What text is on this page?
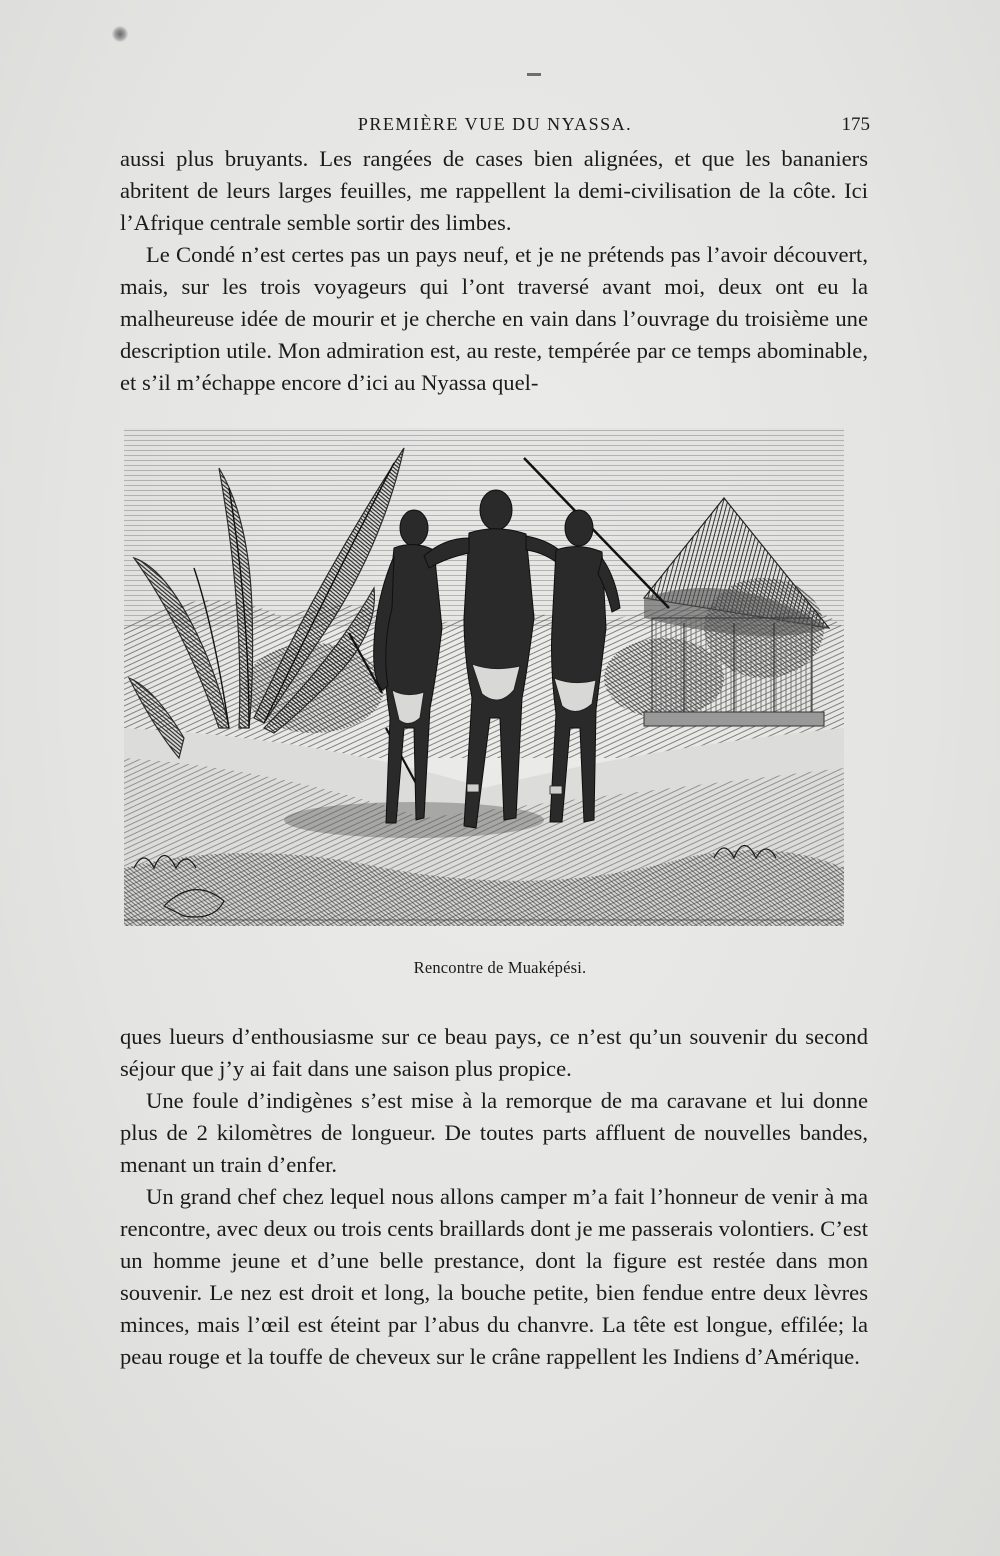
PREMIÈRE VUE DU NYASSA.	175

aussi plus bruyants. Les rangées de cases bien alignées, et que les bananiers abritent de leurs larges feuilles, me rappellent la demi-civilisation de la côte. Ici l’Afrique centrale semble sortir des limbes.

Le Condé n’est certes pas un pays neuf, et je ne prétends pas l’avoir découvert, mais, sur les trois voyageurs qui l’ont traversé avant moi, deux ont eu la malheureuse idée de mourir et je cherche en vain dans l’ouvrage du troisième une description utile. Mon admiration est, au reste, tempérée par ce temps abominable, et s’il m’échappe encore d’ici au Nyassa quel-

Rencontre de Muaképési.

ques lueurs d’enthousiasme sur ce beau pays, ce n’est qu’un souvenir du second séjour que j’y ai fait dans une saison plus propice.

Une foule d’indigènes s’est mise à la remorque de ma caravane et lui donne plus de 2 kilomètres de longueur. De toutes parts affluent de nouvelles bandes, menant un train d’enfer.

Un grand chef chez lequel nous allons camper m’a fait l’honneur de venir à ma rencontre, avec deux ou trois cents braillards dont je me passerais volontiers. C’est un homme jeune et d’une belle prestance, dont la figure est restée dans mon souvenir. Le nez est droit et long, la bouche petite, bien fendue entre deux lèvres minces, mais l’œil est éteint par l’abus du chanvre. La tête est longue, effilée; la peau rouge et la touffe de cheveux sur le crâne rappellent les Indiens d’Amérique.
